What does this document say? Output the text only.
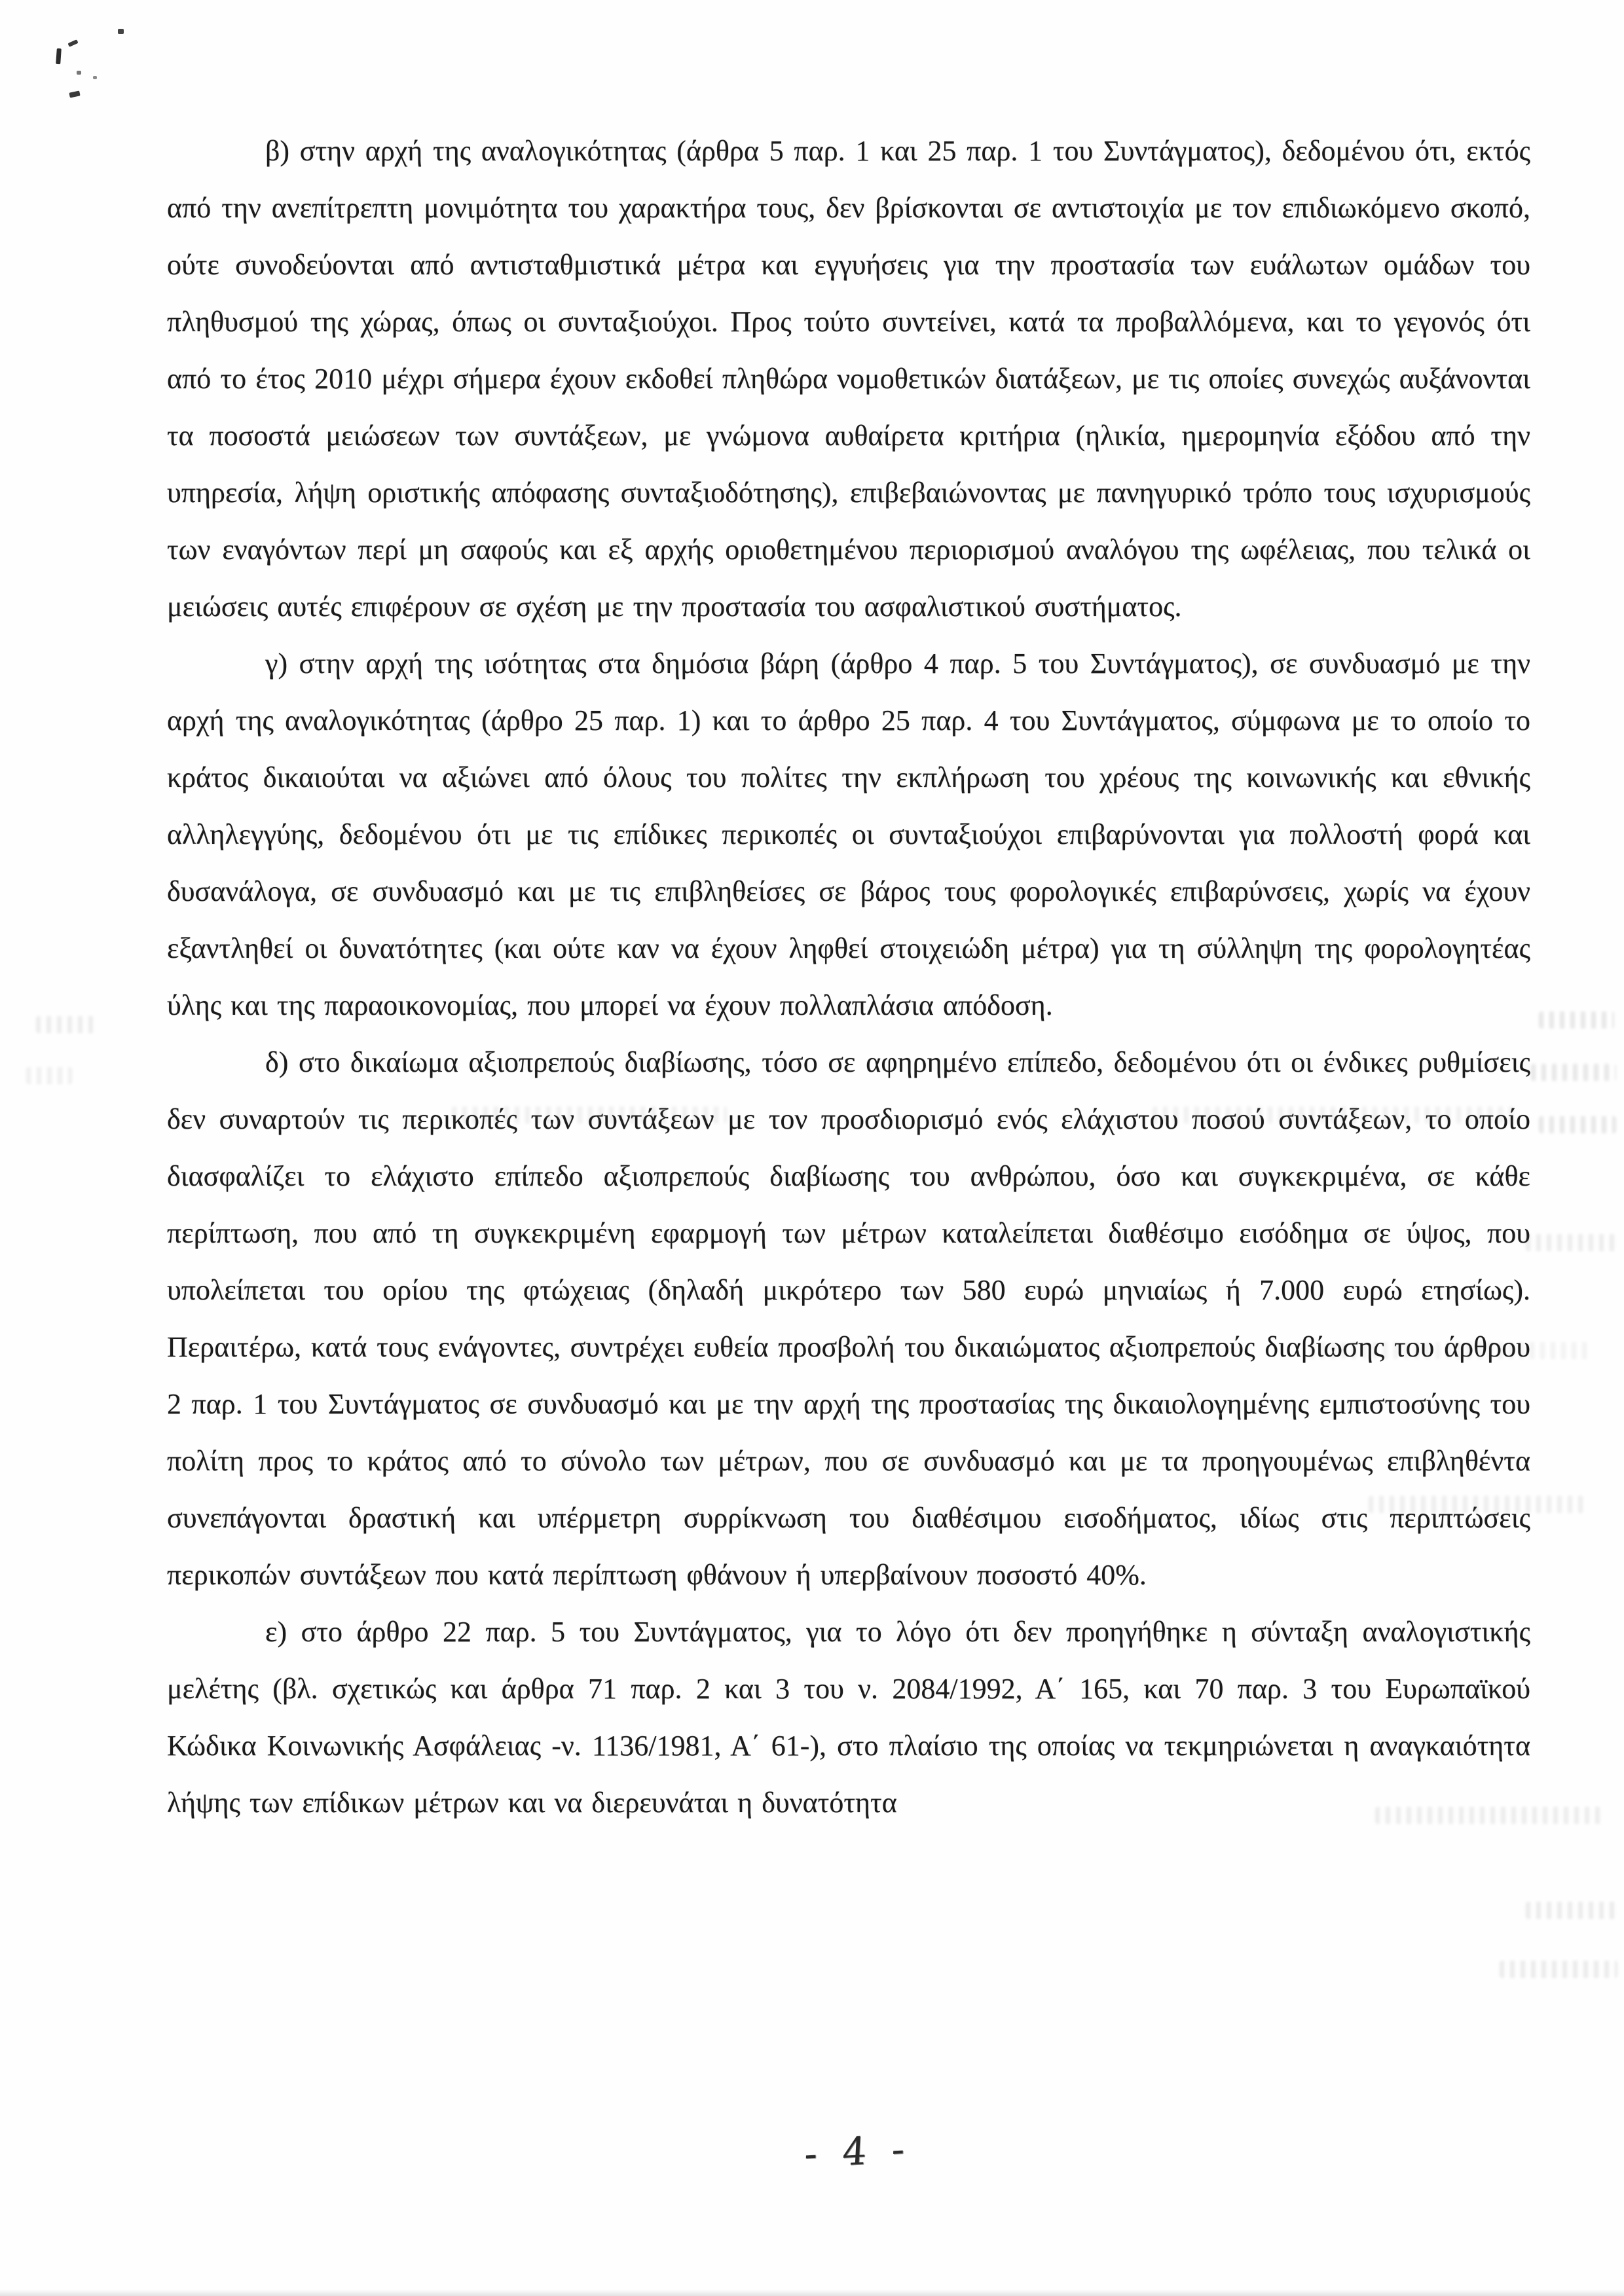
β) στην αρχή της αναλογικότητας (άρθρα 5 παρ. 1 και 25 παρ. 1 του Συντάγματος), δεδομένου ότι, εκτός από την ανεπίτρεπτη μονιμότητα του χαρακτήρα τους, δεν βρίσκονται σε αντιστοιχία με τον επιδιωκόμενο σκοπό, ούτε συνοδεύονται από αντισταθμιστικά μέτρα και εγγυήσεις για την προστασία των ευάλωτων ομάδων του πληθυσμού της χώρας, όπως οι συνταξιούχοι. Προς τούτο συντείνει, κατά τα προβαλλόμενα, και το γεγονός ότι από το έτος 2010 μέχρι σήμερα έχουν εκδοθεί πληθώρα νομοθετικών διατάξεων, με τις οποίες συνεχώς αυξάνονται τα ποσοστά μειώσεων των συντάξεων, με γνώμονα αυθαίρετα κριτήρια (ηλικία, ημερομηνία εξόδου από την υπηρεσία, λήψη οριστικής απόφασης συνταξιοδότησης), επιβεβαιώνοντας με πανηγυρικό τρόπο τους ισχυρισμούς των εναγόντων περί μη σαφούς και εξ αρχής οριοθετημένου περιορισμού αναλόγου της ωφέλειας, που τελικά οι μειώσεις αυτές επιφέρουν σε σχέση με την προστασία του ασφαλιστικού συστήματος.

γ) στην αρχή της ισότητας στα δημόσια βάρη (άρθρο 4 παρ. 5 του Συντάγματος), σε συνδυασμό με την αρχή της αναλογικότητας (άρθρο 25 παρ. 1) και το άρθρο 25 παρ. 4 του Συντάγματος, σύμφωνα με το οποίο το κράτος δικαιούται να αξιώνει από όλους του πολίτες την εκπλήρωση του χρέους της κοινωνικής και εθνικής αλληλεγγύης, δεδομένου ότι με τις επίδικες περικοπές οι συνταξιούχοι επιβαρύνονται για πολλοστή φορά και δυσανάλογα, σε συνδυασμό και με τις επιβληθείσες σε βάρος τους φορολογικές επιβαρύνσεις, χωρίς να έχουν εξαντληθεί οι δυνατότητες (και ούτε καν να έχουν ληφθεί στοιχειώδη μέτρα) για τη σύλληψη της φορολογητέας ύλης και της παραοικονομίας, που μπορεί να έχουν πολλαπλάσια απόδοση.

δ) στο δικαίωμα αξιοπρεπούς διαβίωσης, τόσο σε αφηρημένο επίπεδο, δεδομένου ότι οι ένδικες ρυθμίσεις δεν συναρτούν τις περικοπές των συντάξεων με τον προσδιορισμό ενός ελάχιστου ποσού συντάξεων, το οποίο διασφαλίζει το ελάχιστο επίπεδο αξιοπρεπούς διαβίωσης του ανθρώπου, όσο και συγκεκριμένα, σε κάθε περίπτωση, που από τη συγκεκριμένη εφαρμογή των μέτρων καταλείπεται διαθέσιμο εισόδημα σε ύψος, που υπολείπεται του ορίου της φτώχειας (δηλαδή μικρότερο των 580 ευρώ μηνιαίως ή 7.000 ευρώ ετησίως). Περαιτέρω, κατά τους ενάγοντες, συντρέχει ευθεία προσβολή του δικαιώματος αξιοπρεπούς διαβίωσης του άρθρου 2 παρ. 1 του Συντάγματος σε συνδυασμό και με την αρχή της προστασίας της δικαιολογημένης εμπιστοσύνης του πολίτη προς το κράτος από το σύνολο των μέτρων, που σε συνδυασμό και με τα προηγουμένως επιβληθέντα συνεπάγονται δραστική και υπέρμετρη συρρίκνωση του διαθέσιμου εισοδήματος, ιδίως στις περιπτώσεις περικοπών συντάξεων που κατά περίπτωση φθάνουν ή υπερβαίνουν ποσοστό 40%.

ε) στο άρθρο 22 παρ. 5 του Συντάγματος, για το λόγο ότι δεν προηγήθηκε η σύνταξη αναλογιστικής μελέτης (βλ. σχετικώς και άρθρα 71 παρ. 2 και 3 του ν. 2084/1992, Α΄ 165, και 70 παρ. 3 του Ευρωπαϊκού Κώδικα Κοινωνικής Ασφάλειας -ν. 1136/1981, Α΄ 61-), στο πλαίσιο της οποίας να τεκμηριώνεται η αναγκαιότητα λήψης των επίδικων μέτρων και να διερευνάται η δυνατότητα

- 4 -
